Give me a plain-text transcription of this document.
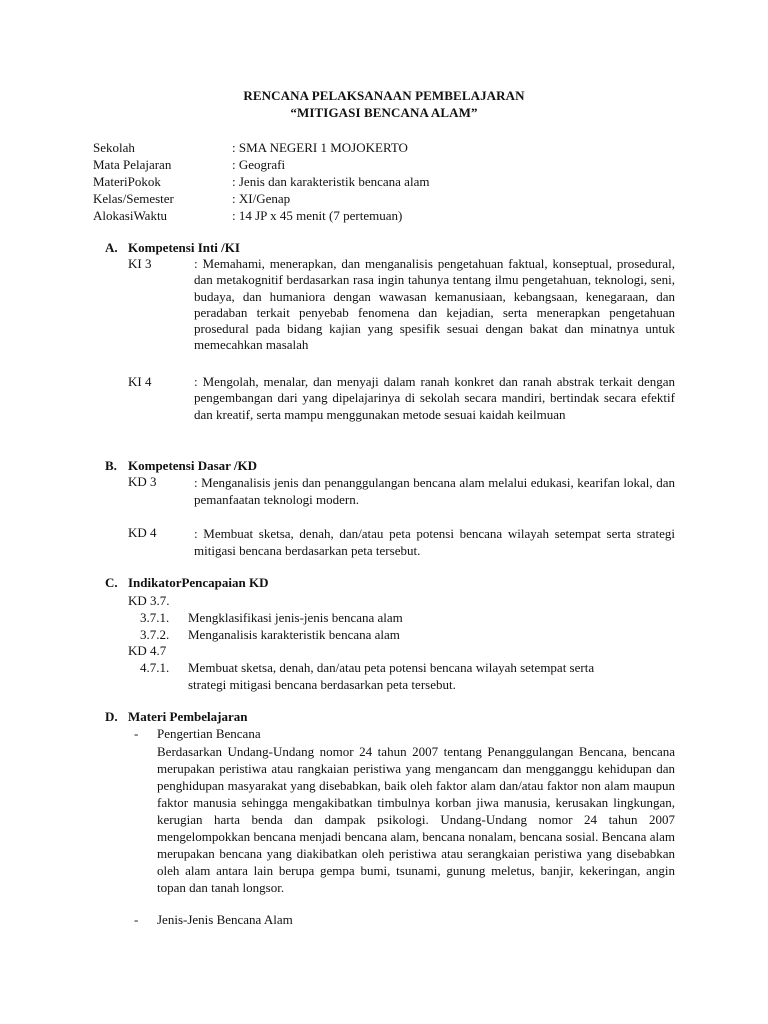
RENCANA PELAKSANAAN PEMBELAJARAN
“MITIGASI BENCANA ALAM”
Sekolah	: SMA NEGERI 1 MOJOKERTO
Mata Pelajaran	: Geografi
MateriPokok	: Jenis dan karakteristik bencana alam
Kelas/Semester	: XI/Genap
AlokasiWaktu	: 14 JP x 45 menit (7 pertemuan)
A. Kompetensi Inti /KI
KI 3	: Memahami, menerapkan, dan menganalisis pengetahuan faktual, konseptual, prosedural, dan metakognitif berdasarkan rasa ingin tahunya tentang ilmu pengetahuan, teknologi, seni, budaya, dan humaniora dengan wawasan kemanusiaan, kebangsaan, kenegaraan, dan peradaban terkait penyebab fenomena dan kejadian, serta menerapkan pengetahuan prosedural pada bidang kajian yang spesifik sesuai dengan bakat dan minatnya untuk memecahkan masalah
KI 4	: Mengolah, menalar, dan menyaji dalam ranah konkret dan ranah abstrak terkait dengan pengembangan dari yang dipelajarinya di sekolah secara mandiri, bertindak secara efektif dan kreatif, serta mampu menggunakan metode sesuai kaidah keilmuan
B. Kompetensi Dasar /KD
KD 3	: Menganalisis jenis dan penanggulangan bencana alam melalui edukasi, kearifan lokal, dan pemanfaatan teknologi modern.
KD 4	: Membuat sketsa, denah, dan/atau peta potensi bencana wilayah setempat serta strategi mitigasi bencana berdasarkan peta tersebut.
C. IndikatorPencapaian KD
KD 3.7.
3.7.1. Mengklasifikasi jenis-jenis bencana alam
3.7.2. Menganalisis karakteristik bencana alam
KD 4.7
4.7.1. Membuat sketsa, denah, dan/atau peta potensi bencana wilayah setempat serta
strategi mitigasi bencana berdasarkan peta tersebut.
D. Materi Pembelajaran
- Pengertian Bencana
Berdasarkan Undang-Undang nomor 24 tahun 2007 tentang Penanggulangan Bencana, bencana merupakan peristiwa atau rangkaian peristiwa yang mengancam dan mengganggu kehidupan dan penghidupan masyarakat yang disebabkan, baik oleh faktor alam dan/atau faktor non alam maupun faktor manusia sehingga mengakibatkan timbulnya korban jiwa manusia, kerusakan lingkungan, kerugian harta benda dan dampak psikologi. Undang-Undang nomor 24 tahun 2007 mengelompokkan bencana menjadi bencana alam, bencana nonalam, bencana sosial. Bencana alam merupakan bencana yang diakibatkan oleh peristiwa atau serangkaian peristiwa yang disebabkan oleh alam antara lain berupa gempa bumi, tsunami, gunung meletus, banjir, kekeringan, angin topan dan tanah longsor.
- Jenis-Jenis Bencana Alam
